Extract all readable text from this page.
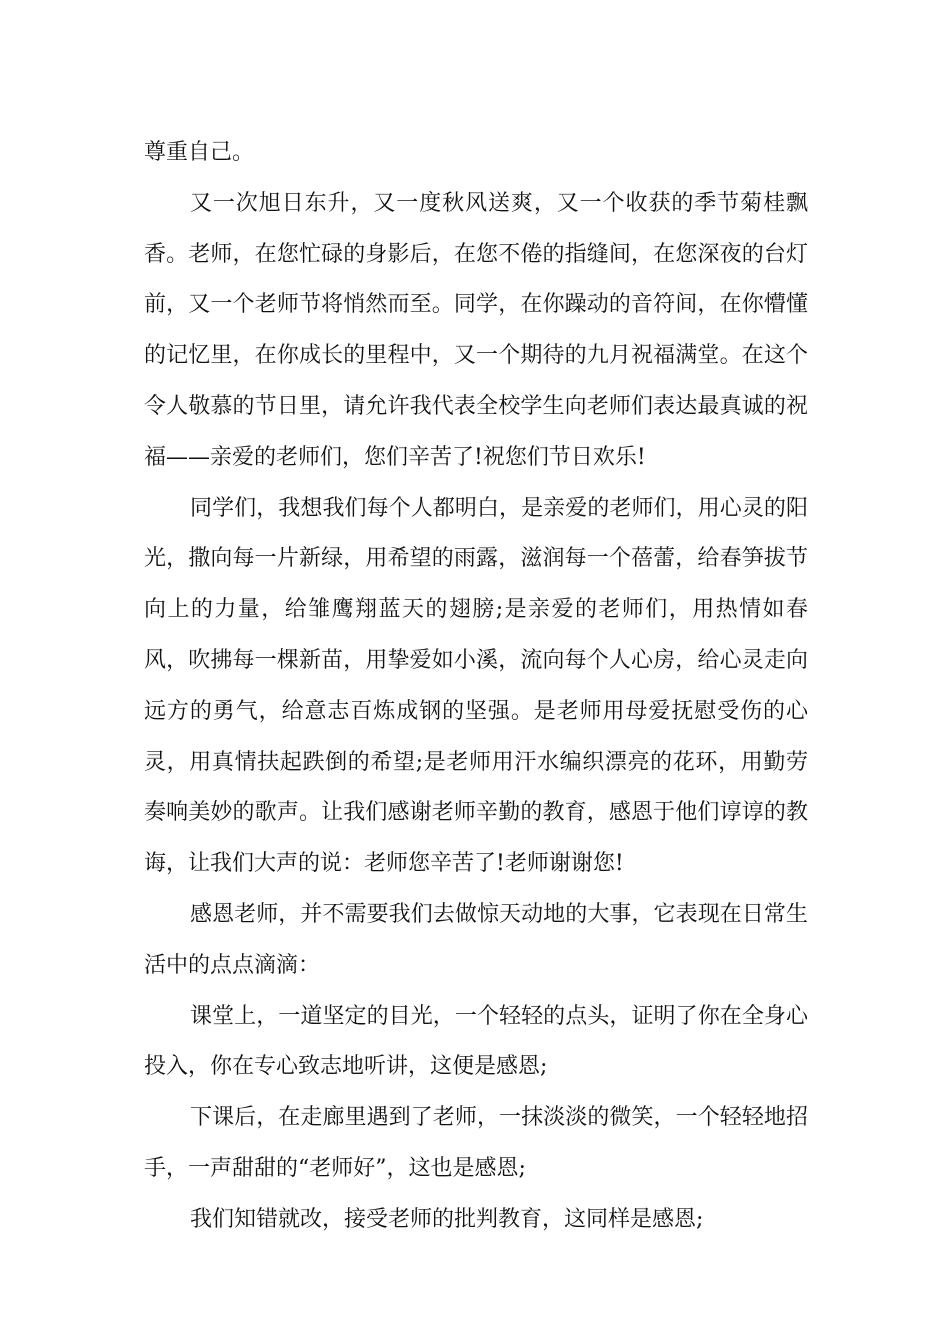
尊重自己。

又一次旭日东升，又一度秋风送爽，又一个收获的季节菊桂飘香。老师，在您忙碌的身影后，在您不倦的指缝间，在您深夜的台灯前，又一个老师节将悄然而至。同学，在你躁动的音符间，在你懵懂的记忆里，在你成长的里程中，又一个期待的九月祝福满堂。在这个令人敬慕的节日里，请允许我代表全校学生向老师们表达最真诚的祝福——亲爱的老师们，您们辛苦了!祝您们节日欢乐!

同学们，我想我们每个人都明白，是亲爱的老师们，用心灵的阳光，撒向每一片新绿，用希望的雨露，滋润每一个蓓蕾，给春笋拔节向上的力量，给雏鹰翔蓝天的翅膀;是亲爱的老师们，用热情如春风，吹拂每一棵新苗，用挚爱如小溪，流向每个人心房，给心灵走向远方的勇气，给意志百炼成钢的坚强。是老师用母爱抚慰受伤的心灵，用真情扶起跌倒的希望;是老师用汗水编织漂亮的花环，用勤劳奏响美妙的歌声。让我们感谢老师辛勤的教育，感恩于他们谆谆的教诲，让我们大声的说：老师您辛苦了!老师谢谢您!

感恩老师，并不需要我们去做惊天动地的大事，它表现在日常生活中的点点滴滴：

课堂上，一道坚定的目光，一个轻轻的点头，证明了你在全身心投入，你在专心致志地听讲，这便是感恩;

下课后，在走廊里遇到了老师，一抹淡淡的微笑，一个轻轻地招手，一声甜甜的“老师好”，这也是感恩;

我们知错就改，接受老师的批判教育，这同样是感恩;
